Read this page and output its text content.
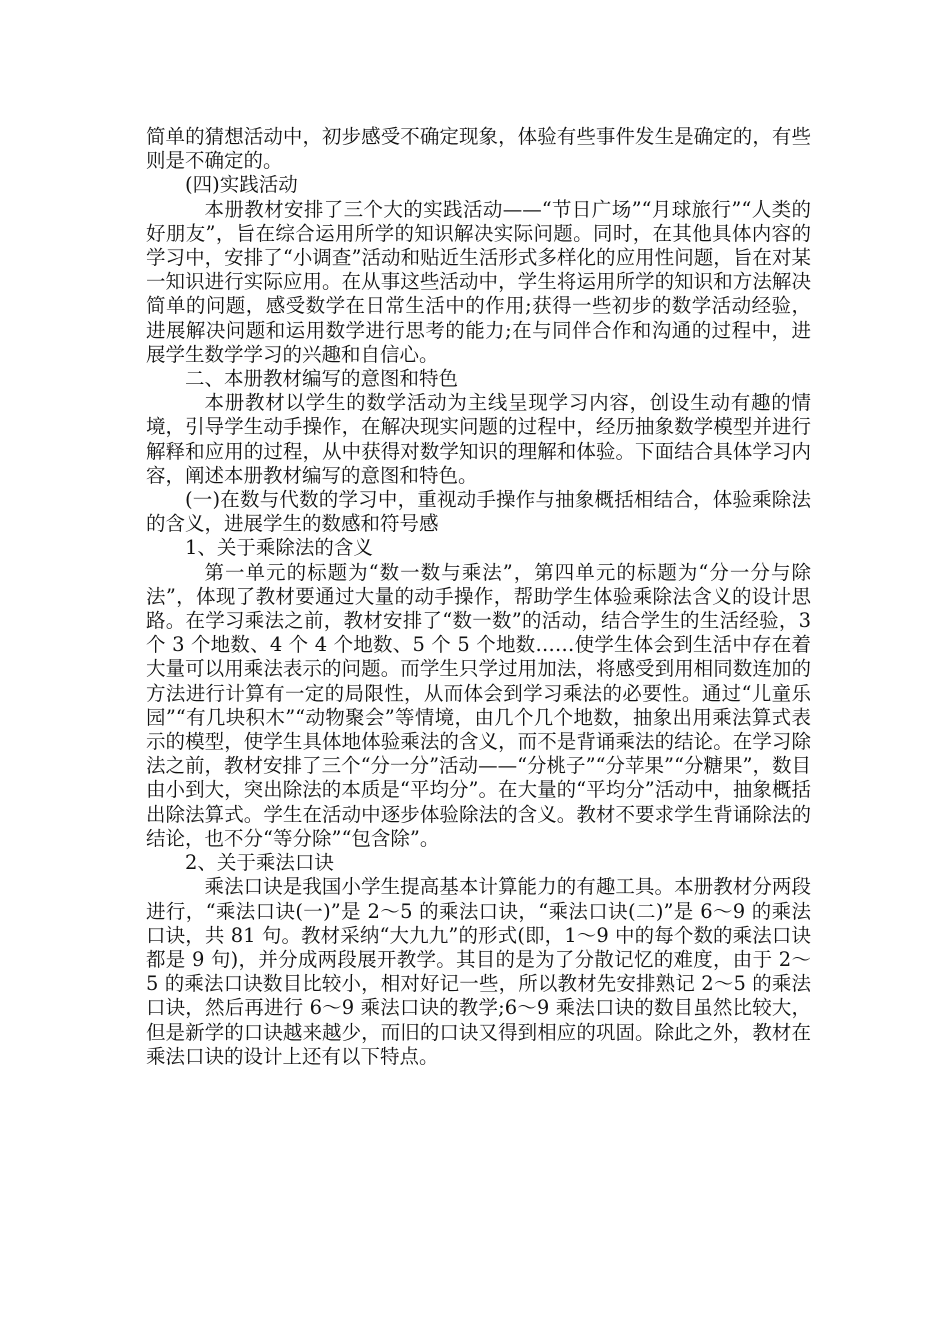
简单的猜想活动中，初步感受不确定现象，体验有些事件发生是确定的，有些则是不确定的。

(四)实践活动

本册教材安排了三个大的实践活动——“节日广场”“月球旅行”“人类的好朋友”，旨在综合运用所学的知识解决实际问题。同时，在其他具体内容的学习中，安排了“小调查”活动和贴近生活形式多样化的应用性问题，旨在对某一知识进行实际应用。在从事这些活动中，学生将运用所学的知识和方法解决简单的问题，感受数学在日常生活中的作用;获得一些初步的数学活动经验，进展解决问题和运用数学进行思考的能力;在与同伴合作和沟通的过程中，进展学生数学学习的兴趣和自信心。

二、本册教材编写的意图和特色

本册教材以学生的数学活动为主线呈现学习内容，创设生动有趣的情境，引导学生动手操作，在解决现实问题的过程中，经历抽象数学模型并进行解释和应用的过程，从中获得对数学知识的理解和体验。下面结合具体学习内容，阐述本册教材编写的意图和特色。

(一)在数与代数的学习中，重视动手操作与抽象概括相结合，体验乘除法的含义，进展学生的数感和符号感

1、关于乘除法的含义

第一单元的标题为“数一数与乘法”，第四单元的标题为“分一分与除法”，体现了教材要通过大量的动手操作，帮助学生体验乘除法含义的设计思路。在学习乘法之前，教材安排了“数一数”的活动，结合学生的生活经验，3 个 3 个地数、4 个 4 个地数、5 个 5 个地数……使学生体会到生活中存在着大量可以用乘法表示的问题。而学生只学过用加法，将感受到用相同数连加的方法进行计算有一定的局限性，从而体会到学习乘法的必要性。通过“儿童乐园”“有几块积木”“动物聚会”等情境，由几个几个地数，抽象出用乘法算式表示的模型，使学生具体地体验乘法的含义，而不是背诵乘法的结论。在学习除法之前，教材安排了三个“分一分”活动——“分桃子”“分苹果”“分糖果”，数目由小到大，突出除法的本质是“平均分”。在大量的“平均分”活动中，抽象概括出除法算式。学生在活动中逐步体验除法的含义。教材不要求学生背诵除法的结论，也不分“等分除”“包含除”。

2、关于乘法口诀

乘法口诀是我国小学生提高基本计算能力的有趣工具。本册教材分两段进行，“乘法口诀(一)”是 2～5 的乘法口诀，“乘法口诀(二)”是 6～9 的乘法口诀，共 81 句。教材采纳“大九九”的形式(即，1～9 中的每个数的乘法口诀都是 9 句)，并分成两段展开教学。其目的是为了分散记忆的难度，由于 2～5 的乘法口诀数目比较小，相对好记一些，所以教材先安排熟记 2～5 的乘法口诀，然后再进行 6～9 乘法口诀的教学;6～9 乘法口诀的数目虽然比较大，但是新学的口诀越来越少，而旧的口诀又得到相应的巩固。除此之外，教材在乘法口诀的设计上还有以下特点。
